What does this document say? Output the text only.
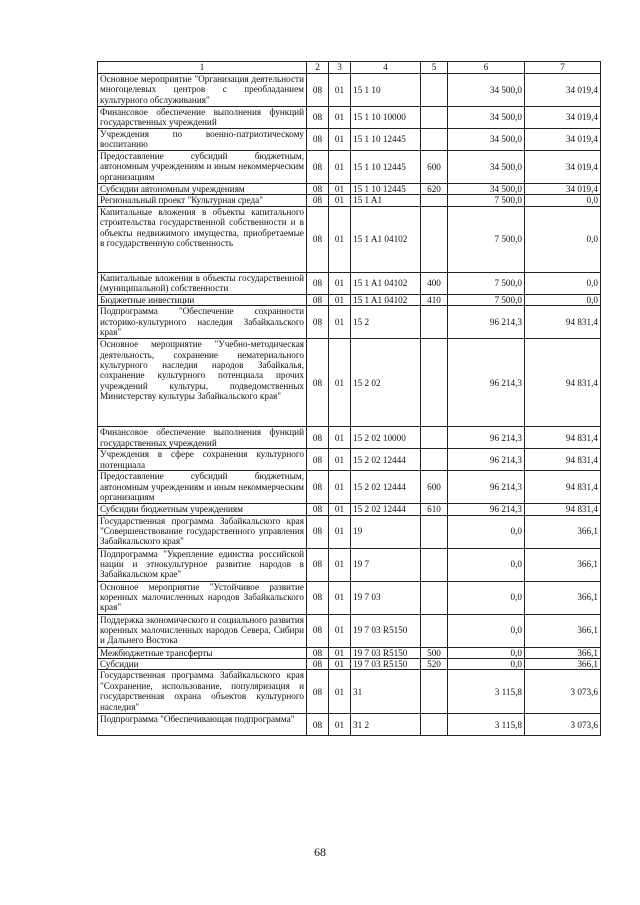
1	2	3	4	5	6	7
Основное мероприятие "Организация деятельности многоцелевых центров с преобладанием культурного обслуживания"	08	01	15 1 10		34 500,0	34 019,4
Финансовое обеспечение выполнения функций государственных учреждений	08	01	15 1 10 10000		34 500,0	34 019,4
Учреждения по военно-патриотическому воспитанию	08	01	15 1 10 12445		34 500,0	34 019,4
Предоставление субсидий бюджетным, автономным учреждениям и иным некоммерческим организациям	08	01	15 1 10 12445	600	34 500,0	34 019,4
Субсидии автономным учреждениям	08	01	15 1 10 12445	620	34 500,0	34 019,4
Региональный проект "Культурная среда"	08	01	15 1 A1		7 500,0	0,0
Капитальные вложения в объекты капитального строительства государственной собственности и в объекты недвижимого имущества, приобретаемые в государственную собственность	08	01	15 1 A1 04102		7 500,0	0,0
Капитальные вложения в объекты государственной (муниципальной) собственности	08	01	15 1 A1 04102	400	7 500,0	0,0
Бюджетные инвестиции	08	01	15 1 A1 04102	410	7 500,0	0,0
Подпрограмма "Обеспечение сохранности историко-культурного наследия Забайкальского края"	08	01	15 2		96 214,3	94 831,4
Основное мероприятие "Учебно-методическая деятельность, сохранение нематериального культурного наследия народов Забайкалья, сохранение культурного потенциала прочих учреждений культуры, подведомственных Министерству культуры Забайкальского края"	08	01	15 2 02		96 214,3	94 831,4
Финансовое обеспечение выполнения функций государственных учреждений	08	01	15 2 02 10000		96 214,3	94 831,4
Учреждения в сфере сохранения культурного потенциала	08	01	15 2 02 12444		96 214,3	94 831,4
Предоставление субсидий бюджетным, автономным учреждениям и иным некоммерческим организациям	08	01	15 2 02 12444	600	96 214,3	94 831,4
Субсидии бюджетным учреждениям	08	01	15 2 02 12444	610	96 214,3	94 831,4
Государственная программа Забайкальского края "Совершенствование государственного управления Забайкальского края"	08	01	19		0,0	366,1
Подпрограмма "Укрепление единства российской нации и этнокультурное развитие народов в Забайкальском крае"	08	01	19 7		0,0	366,1
Основное мероприятие "Устойчивое развитие коренных малочисленных народов Забайкальского края"	08	01	19 7 03		0,0	366,1
Поддержка экономического и социального развития коренных малочисленных народов Севера, Сибири и Дальнего Востока	08	01	19 7 03 R5150		0,0	366,1
Межбюджетные трансферты	08	01	19 7 03 R5150	500	0,0	366,1
Субсидии	08	01	19 7 03 R5150	520	0,0	366,1
Государственная программа Забайкальского края "Сохранение, использование, популяризация и государственная охрана объектов культурного наследия"	08	01	31		3 115,8	3 073,6
Подпрограмма "Обеспечивающая подпрограмма"	08	01	31 2		3 115,8	3 073,6
68
